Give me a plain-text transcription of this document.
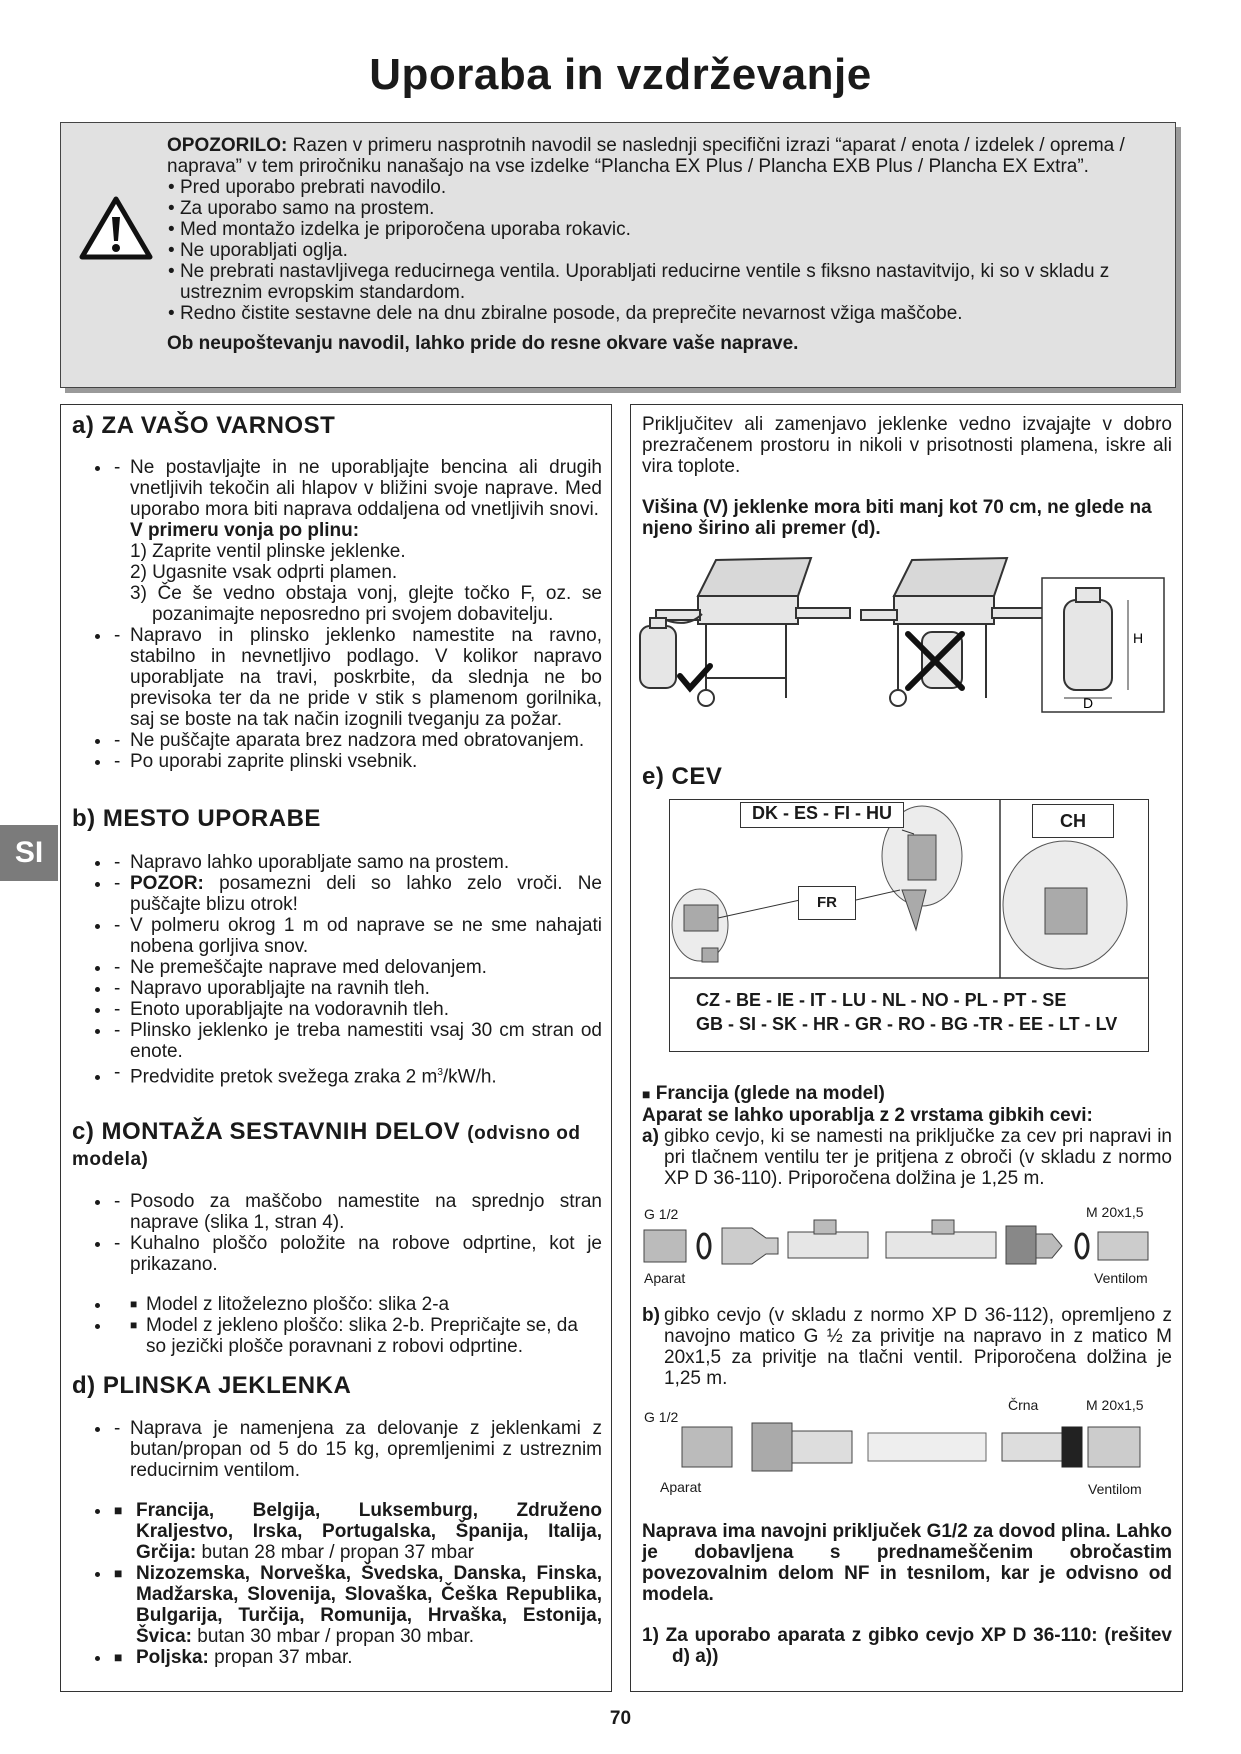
Uporaba in vzdrževanje

OPOZORILO: Razen v primeru nasprotnih navodil se naslednji specifični izrazi “aparat / enota / izdelek / oprema / naprava” v tem priročniku nanašajo na vse izdelke “Plancha EX Plus / Plancha EXB Plus / Plancha EX Extra”.

• Pred uporabo prebrati navodilo.
• Za uporabo samo na prostem.
• Med montažo izdelka je priporočena uporaba rokavic.
• Ne uporabljati oglja.
• Ne prebrati nastavljivega reducirnega ventila. Uporabljati reducirne ventile s fiksno nastavitvijo, ki so v skladu z ustreznim evropskim standardom.
• Redno čistite sestavne dele na dnu zbiralne posode, da preprečite nevarnost vžiga maščobe.

Ob neupoštevanju navodil, lahko pride do resne okvare vaše naprave.

SI

a) ZA VAŠO VARNOST

- • Ne postavljajte in ne uporabljajte bencina ali drugih vnetljivih tekočin ali hlapov v bližini svoje naprave. Med uporabo mora biti naprava oddaljena od vnetljivih snovi.
V primeru vonja po plinu:
1) Zaprite ventil plinske jeklenke.
2) Ugasnite vsak odprti plamen.
3) Če še vedno obstaja vonj, glejte točko F, oz. se pozanimajte neposredno pri svojem dobavitelju.
- • Napravo in plinsko jeklenko namestite na ravno, stabilno in nevnetljivo podlago. V kolikor napravo uporabljate na travi, poskrbite, da slednja ne bo previsoka ter da ne pride v stik s plamenom gorilnika, saj se boste na tak način izognili tveganju za požar.
- • Ne puščajte aparata brez nadzora med obratovanjem.
- • Po uporabi zaprite plinski vsebnik.

b) MESTO UPORABE

- • Napravo lahko uporabljate samo na prostem.
- • POZOR: posamezni deli so lahko zelo vroči. Ne puščajte blizu otrok!
- • V polmeru okrog 1 m od naprave se ne sme nahajati nobena gorljiva snov.
- • Ne premeščajte naprave med delovanjem.
- • Napravo uporabljajte na ravnih tleh.
- • Enoto uporabljajte na vodoravnih tleh.
- • Plinsko jeklenko je treba namestiti vsaj 30 cm stran od enote.
- • Predvidite pretok svežega zraka 2 $m^3/kW/h$.

c) MONTAŽA SESTAVNIH DELOV (odvisno od modela)

- • Posodo za maščobo namestite na sprednjo stran naprave (slika 1, stran 4).
- • Kuhalno ploščo položite na robove odprtine, kot je prikazano.
■ • Model z litoželezno ploščo: slika 2-a
■ • Model z jekleno ploščo: slika 2-b. Prepričajte se, da so jezički plošče poravnani z robovi odprtine.

d) PLINSKA JEKLENKA

- • Naprava je namenjena za delovanje z jeklenkami z butan/propan od 5 do 15 kg, opremljenimi z ustreznim reducirnim ventilom.
■ • Francija, Belgija, Luksemburg, Združeno Kraljestvo, Irska, Portugalska, Španija, Italija, Grčija: butan 28 mbar / propan 37 mbar
■ • Nizozemska, Norveška, Švedska, Danska, Finska, Madžarska, Slovenija, Slovaška, Češka Republika, Bulgarija, Turčija, Romunija, Hrvaška, Estonija, Švica: butan 30 mbar / propan 30 mbar.
■ • Poljska: propan 37 mbar.
Priključitev ali zamenjavo jeklenke vedno izvajajte v dobro prezračenem prostoru in nikoli v prisotnosti plamena, iskre ali vira toplote.
Višina (V) jeklenke mora biti manj kot 70 cm, ne glede na njeno širino ali premer (d).
H
D
e) CEV
DK - ES - FI - HU	CH
FR
CZ - BE - IE - IT - LU - NL - NO - PL - PT - SE
GB - SI - SK - HR - GR - RO - BG -TR - EE - LT - LV
■ Francija (glede na model)
Aparat se lahko uporablja z 2 vrstama gibkih cevi:
a) gibko cevjo, ki se namesti na priključke za cev pri napravi in pri tlačnem ventilu ter je pritjena z obroči (v skladu z normo XP D 36-110). Priporočena dolžina je 1,25 m.
G 1/2	M 20x1,5
Aparat	Ventilom
b) gibko cevjo (v skladu z normo XP D 36-112), opremljeno z navojno matico G ½ za privitje na napravo in z matico M 20x1,5 za privitje na tlačni ventil. Priporočena dolžina je 1,25 m.
G 1/2
Črna	M 20x1,5
Aparat	Ventilom
Naprava ima navojni priključek G1/2 za dovod plina. Lahko je dobavljena s prednameščenim obročastim povezovalnim delom NF in tesnilom, kar je odvisno od modela.
1) Za uporabo aparata z gibko cevjo XP D 36-110: (rešitev d) a))
70
